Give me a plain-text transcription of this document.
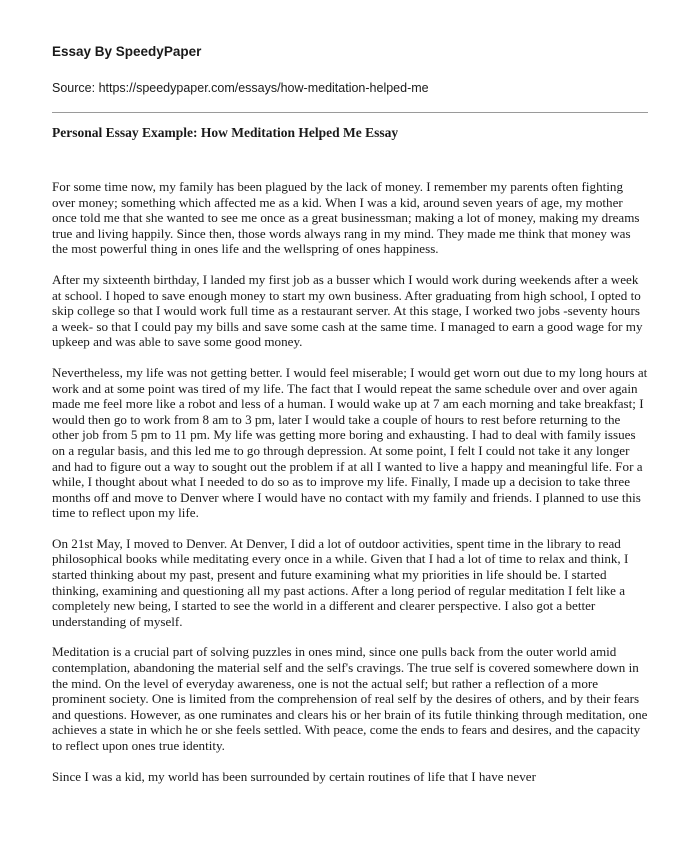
Essay By SpeedyPaper

Source: https://speedypaper.com/essays/how-meditation-helped-me

Personal Essay Example: How Meditation Helped Me Essay

For some time now, my family has been plagued by the lack of money. I remember my parents often fighting over money; something which affected me as a kid. When I was a kid, around seven years of age, my mother once told me that she wanted to see me once as a great businessman; making a lot of money, making my dreams true and living happily. Since then, those words always rang in my mind. They made me think that money was the most powerful thing in ones life and the wellspring of ones happiness.

After my sixteenth birthday, I landed my first job as a busser which I would work during weekends after a week at school. I hoped to save enough money to start my own business. After graduating from high school, I opted to skip college so that I would work full time as a restaurant server. At this stage, I worked two jobs -seventy hours a week- so that I could pay my bills and save some cash at the same time. I managed to earn a good wage for my upkeep and was able to save some good money.

Nevertheless, my life was not getting better. I would feel miserable; I would get worn out due to my long hours at work and at some point was tired of my life. The fact that I would repeat the same schedule over and over again made me feel more like a robot and less of a human. I would wake up at 7 am each morning and take breakfast; I would then go to work from 8 am to 3 pm, later I would take a couple of hours to rest before returning to the other job from 5 pm to 11 pm. My life was getting more boring and exhausting. I had to deal with family issues on a regular basis, and this led me to go through depression. At some point, I felt I could not take it any longer and had to figure out a way to sought out the problem if at all I wanted to live a happy and meaningful life. For a while, I thought about what I needed to do so as to improve my life. Finally, I made up a decision to take three months off and move to Denver where I would have no contact with my family and friends. I planned to use this time to reflect upon my life.

On 21st May, I moved to Denver. At Denver, I did a lot of outdoor activities, spent time in the library to read philosophical books while meditating every once in a while. Given that I had a lot of time to relax and think, I started thinking about my past, present and future examining what my priorities in life should be. I started thinking, examining and questioning all my past actions. After a long period of regular meditation I felt like a completely new being, I started to see the world in a different and clearer perspective. I also got a better understanding of myself.

Meditation is a crucial part of solving puzzles in ones mind, since one pulls back from the outer world amid contemplation, abandoning the material self and the self's cravings. The true self is covered somewhere down in the mind. On the level of everyday awareness, one is not the actual self; but rather a reflection of a more prominent society. One is limited from the comprehension of real self by the desires of others, and by their fears and questions. However, as one ruminates and clears his or her brain of its futile thinking through meditation, one achieves a state in which he or she feels settled. With peace, come the ends to fears and desires, and the capacity to reflect upon ones true identity.

Since I was a kid, my world has been surrounded by certain routines of life that I have never
